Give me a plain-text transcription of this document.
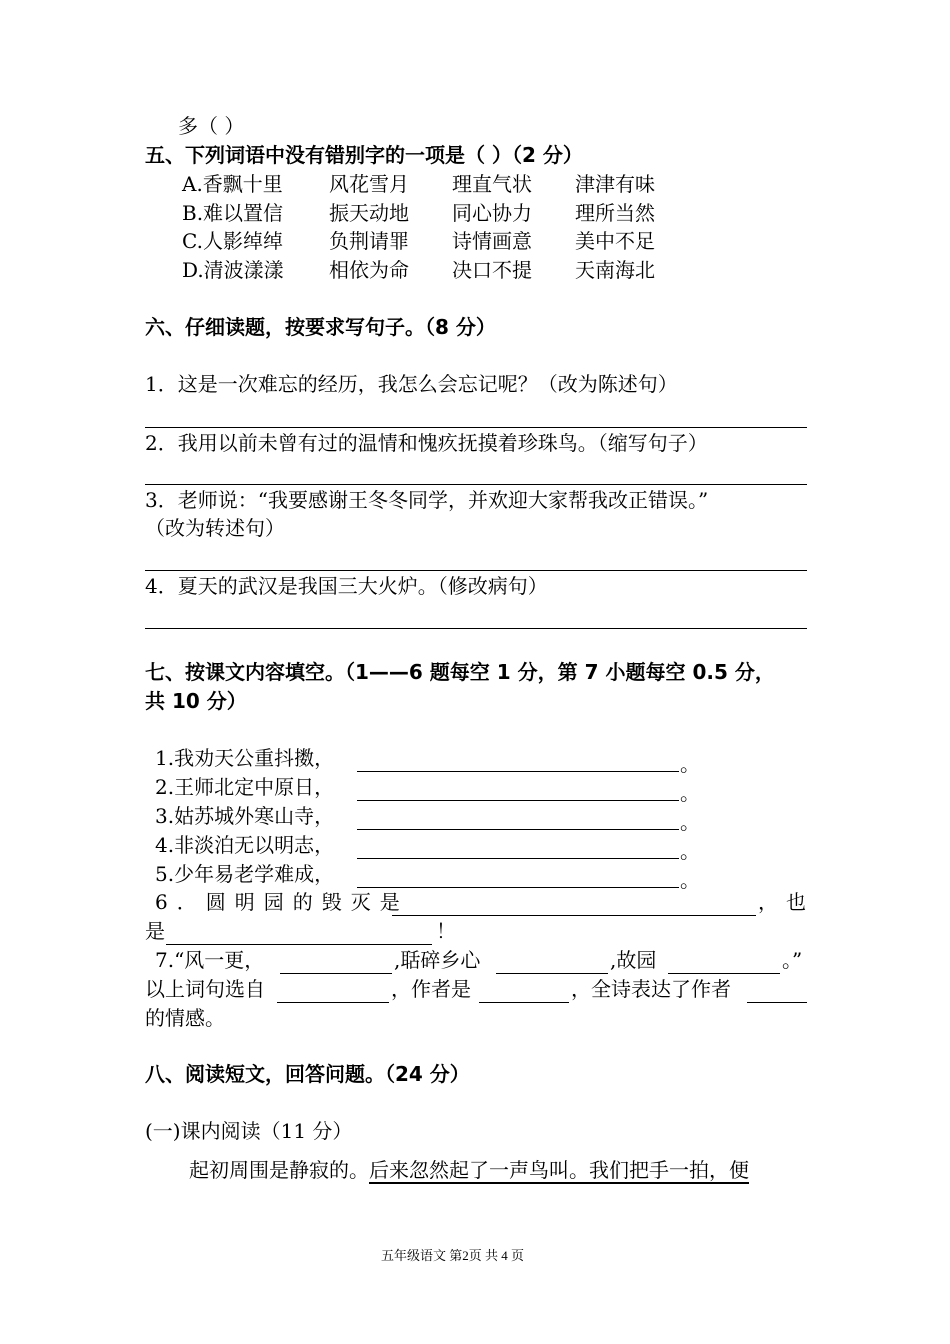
多（ ）
五、下列词语中没有错别字的一项是（ ）（2 分）
A.香飘十里 风花雪月 理直气状 津津有味
B.难以置信 振天动地 同心协力 理所当然
C.人影绰绰 负荆请罪 诗情画意 美中不足
D.清波漾漾 相依为命 决口不提 天南海北
六、仔细读题，按要求写句子。（8 分）
1．这是一次难忘的经历，我怎么会忘记呢？（改为陈述句）
2．我用以前未曾有过的温情和愧疚抚摸着珍珠鸟。（缩写句子）
3．老师说：“我要感谢王冬冬同学，并欢迎大家帮我改正错误。”
（改为转述句）
4．夏天的武汉是我国三大火炉。（修改病句）
七、按课文内容填空。（1——6 题每空 1 分，第 7 小题每空 0.5 分，
共 10 分）
1.我劝天公重抖擞，	。
2.王师北定中原日，	。
3.姑苏城外寒山寺，	。
4.非淡泊无以明志，	。
5.少年易老学难成，	。
6．圆明园的毁灭是	， 也
是	！
7.“风一更，	,聒碎乡心	,故园	。”
以上词句选自	，作者是	，全诗表达了作者
的情感。
八、阅读短文，回答问题。（24 分）
(一)课内阅读（11 分）
起初周围是静寂的。后来忽然起了一声鸟叫。我们把手一拍，便
五年级语文 第2页 共 4 页
